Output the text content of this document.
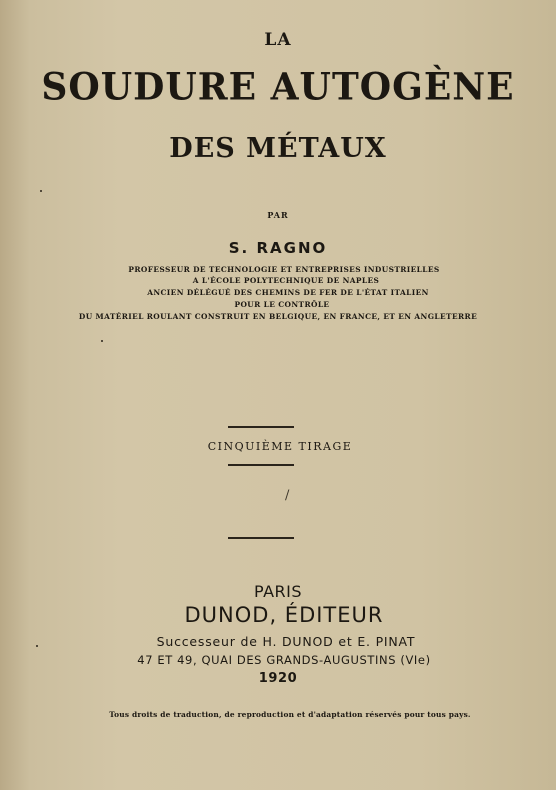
LA
SOUDURE AUTOGÈNE
DES MÉTAUX
PAR
S. RAGNO
PROFESSEUR DE TECHNOLOGIE ET ENTREPRISES INDUSTRIELLES
A L'ÉCOLE POLYTECHNIQUE DE NAPLES
ANCIEN DÉLÉGUÉ DES CHEMINS DE FER DE L'ÉTAT ITALIEN
POUR LE CONTRÔLE
DU MATÉRIEL ROULANT CONSTRUIT EN BELGIQUE, EN FRANCE, ET EN ANGLETERRE
CINQUIÈME TIRAGE
/
PARIS
DUNOD, ÉDITEUR
Successeur de H. DUNOD et E. PINAT
47 ET 49, QUAI DES GRANDS-AUGUSTINS (VIe)
1920
Tous droits de traduction, de reproduction et d'adaptation réservés pour tous pays.
